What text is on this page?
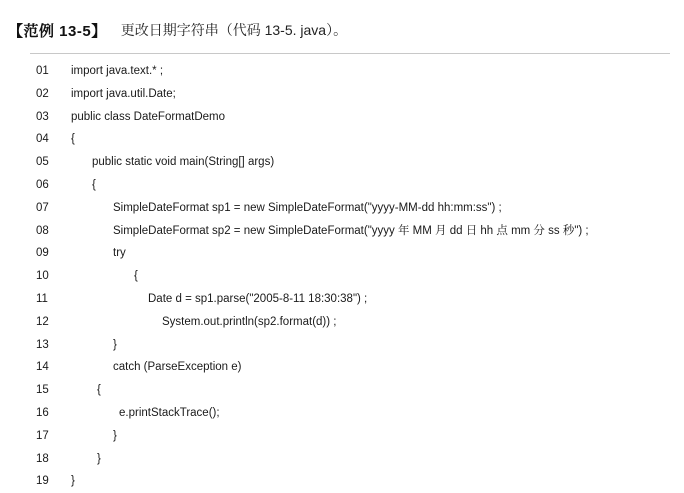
【范例 13-5】 更改日期字符串（代码 13-5. java）。
01	import java.text.* ;
02	import java.util.Date;
03	public class DateFormatDemo
04	{
05	public static void main(String[] args)
06	{
07	SimpleDateFormat sp1 = new SimpleDateFormat("yyyy-MM-dd hh:mm:ss") ;
08	SimpleDateFormat sp2 = new SimpleDateFormat("yyyy 年 MM 月 dd 日 hh 点 mm 分 ss 秒") ;
09	try
10	{
11	Date d = sp1.parse("2005-8-11 18:30:38") ;
12	System.out.println(sp2.format(d)) ;
13	}
14	catch (ParseException e)
15	{
16	e.printStackTrace();
17	}
18	}
19	}
